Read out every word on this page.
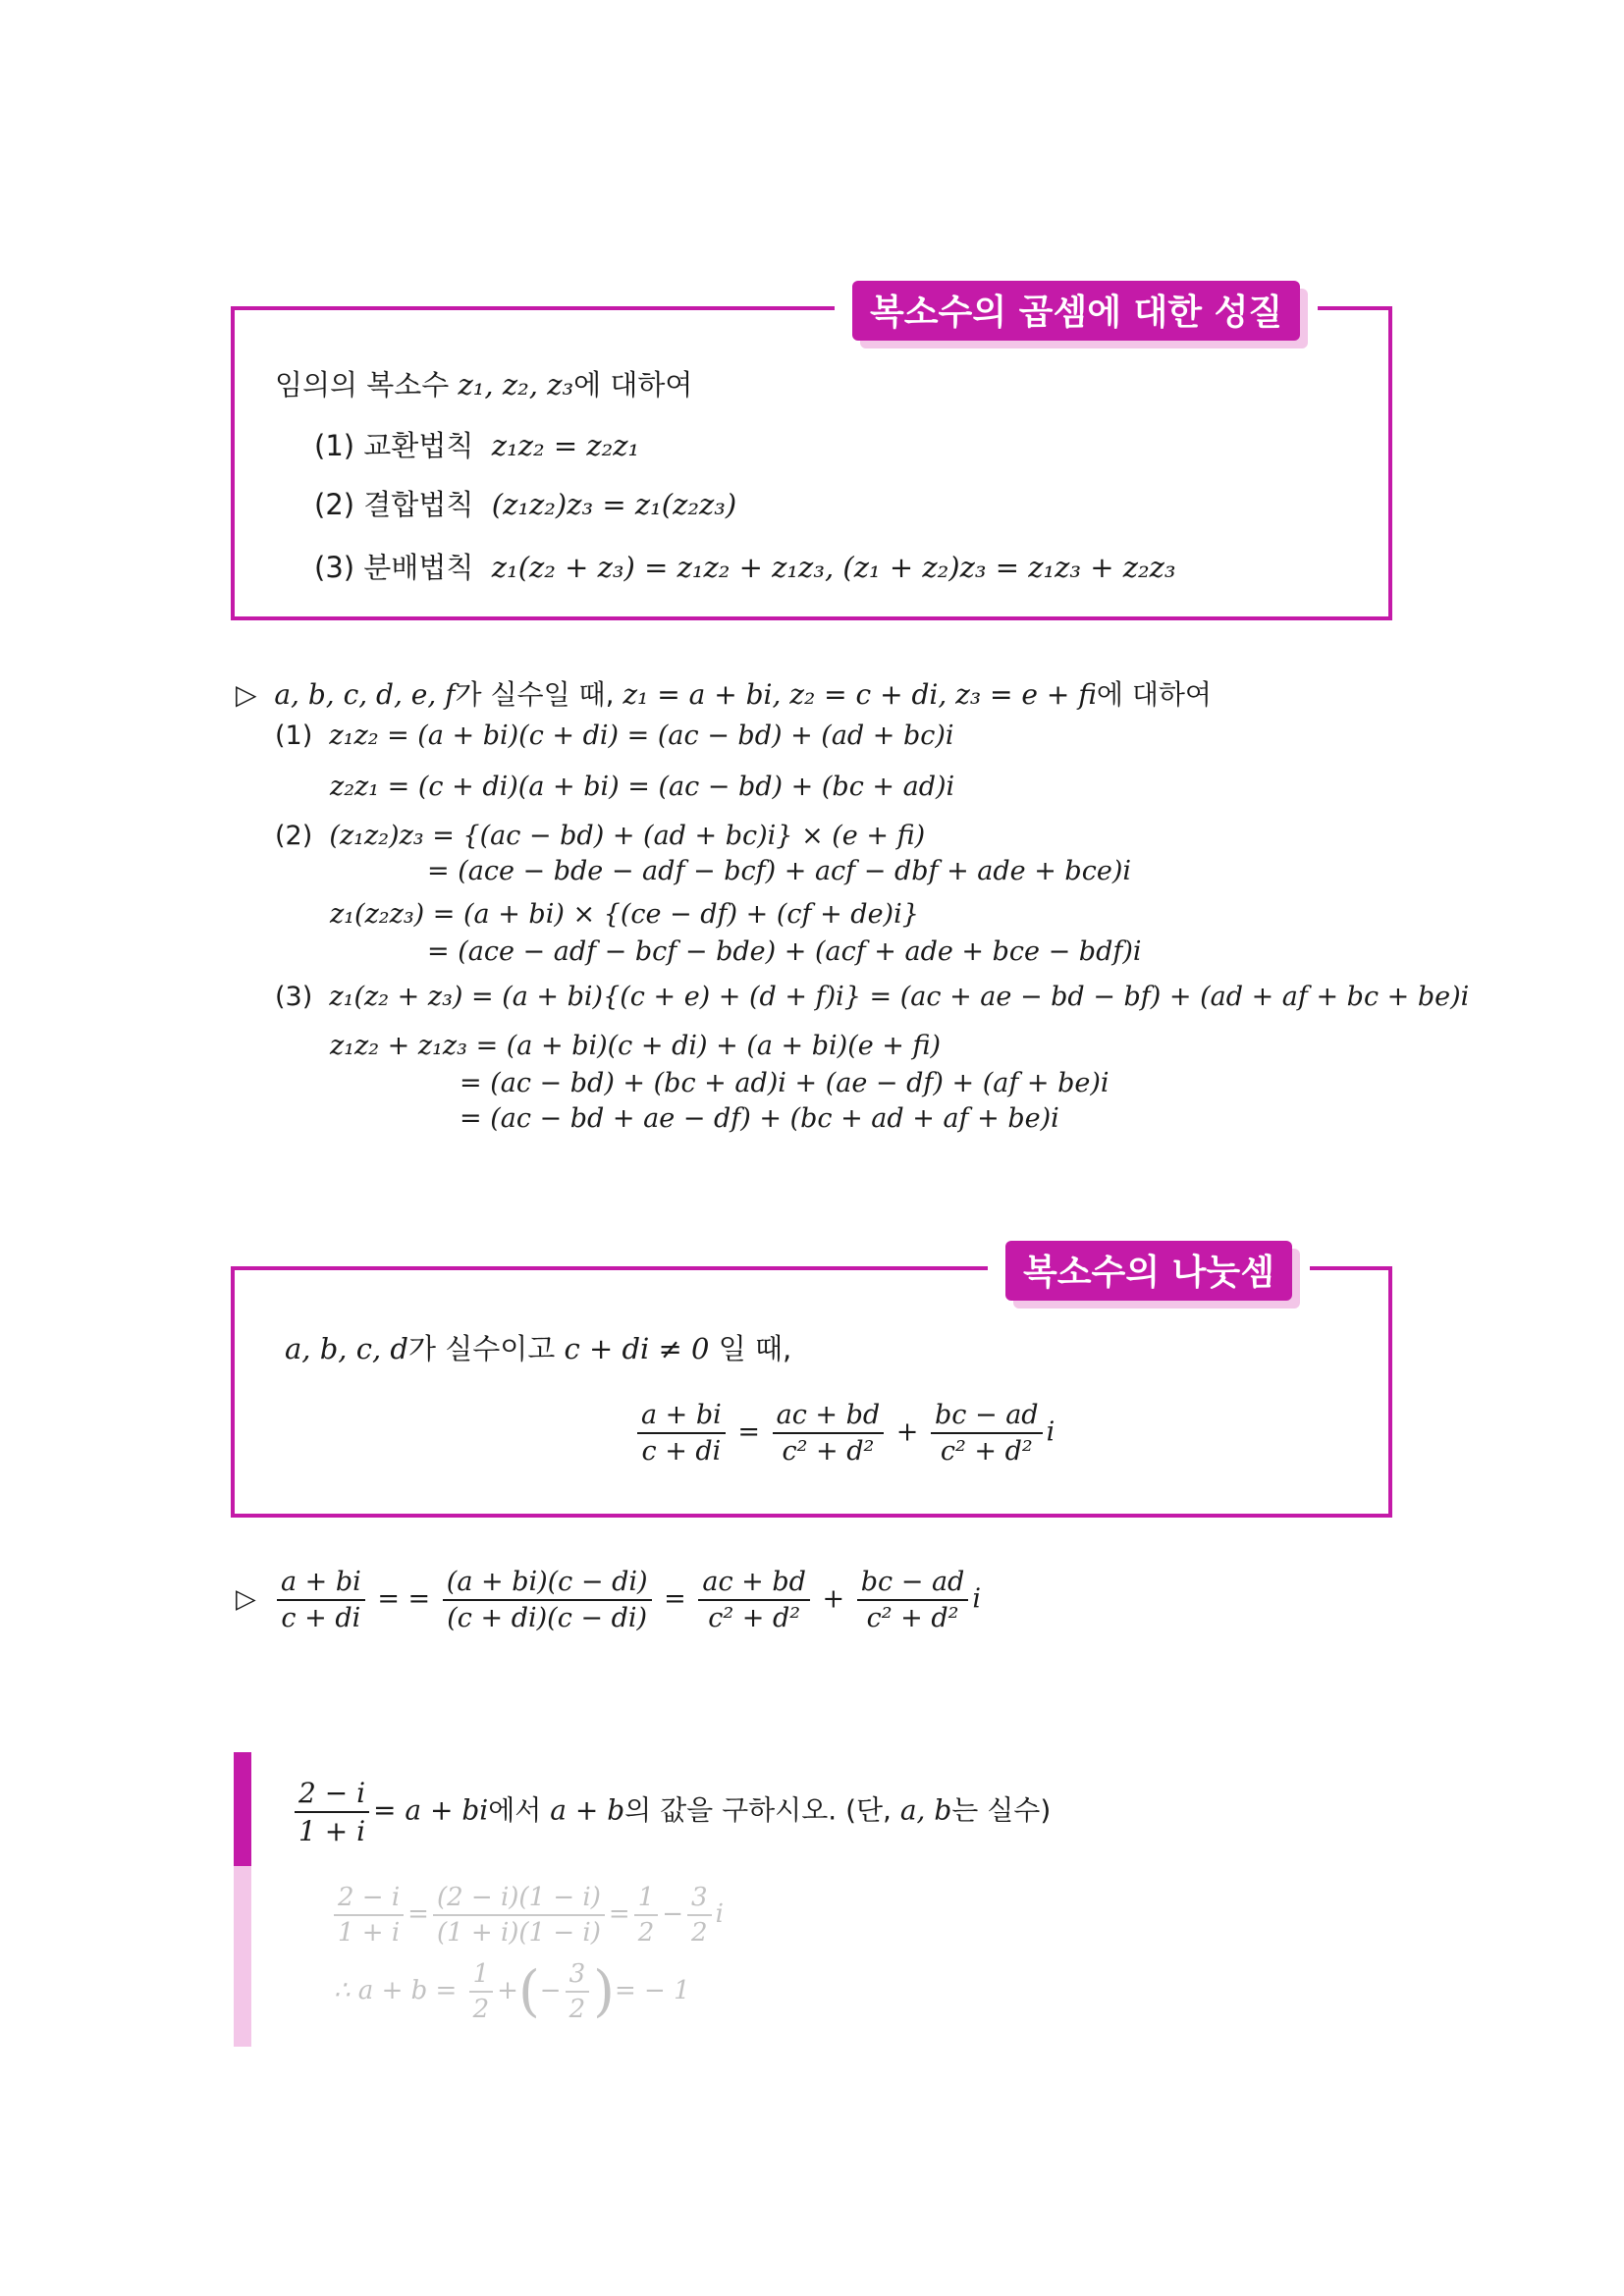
복소수의 곱셈에 대한 성질
임의의 복소수 z₁, z₂, z₃에 대하여
(1) 교환법칙 z₁z₂ = z₂z₁
(2) 결합법칙 (z₁z₂)z₃ = z₁(z₂z₃)
(3) 분배법칙 z₁(z₂ + z₃) = z₁z₂ + z₁z₃, (z₁ + z₂)z₃ = z₁z₃ + z₂z₃
▷ a, b, c, d, e, f가 실수일 때, z₁ = a + bi, z₂ = c + di, z₃ = e + fi에 대하여
(1) z₁z₂ = (a + bi)(c + di) = (ac − bd) + (ad + bc)i
z₂z₁ = (c + di)(a + bi) = (ac − bd) + (bc + ad)i
(2) (z₁z₂)z₃ = {(ac − bd) + (ad + bc)i} × (e + fi)
= (ace − bde − adf − bcf) + acf − dbf + ade + bce)i
z₁(z₂z₃) = (a + bi) × {(ce − df) + (cf + de)i}
= (ace − adf − bcf − bde) + (acf + ade + bce − bdf)i
(3) z₁(z₂ + z₃) = (a + bi){(c + e) + (d + f)i} = (ac + ae − bd − bf) + (ad + af + bc + be)i
z₁z₂ + z₁z₃ = (a + bi)(c + di) + (a + bi)(e + fi)
= (ac − bd) + (bc + ad)i + (ae − df) + (af + be)i
= (ac − bd + ae − df) + (bc + ad + af + be)i
복소수의 나눗셈
a, b, c, d가 실수이고 c + di ≠ 0 일 때,
$\frac{a + bi}{c + di} = \frac{ac + bd}{\text{c² + d²}} + \frac{bc - ad}{\text{c² + d²}}$ i
▷ $\frac{a + bi}{c + di}$ = = $\frac{(a + bi)(c - di)}{(c + di)(c - di)} = \frac{ac + bd}{\text{c² + d²}} + \frac{bc - ad}{\text{c² + d²}}$ i
$\frac{2 - i}{1 + i} = a$ + bi에서 a + b의 값을 구하시오. (단, a, b는 실수)
$\frac{2 - i}{1 + i} = \frac{(2 - i)(1 - i)}{(1 + i)(1 - i)} = \frac{1}{2} - \frac{3}{2}$ i
∴ $a + b = \frac{1}{2}$ +(− $\frac{3}{2}$ )= − 1
